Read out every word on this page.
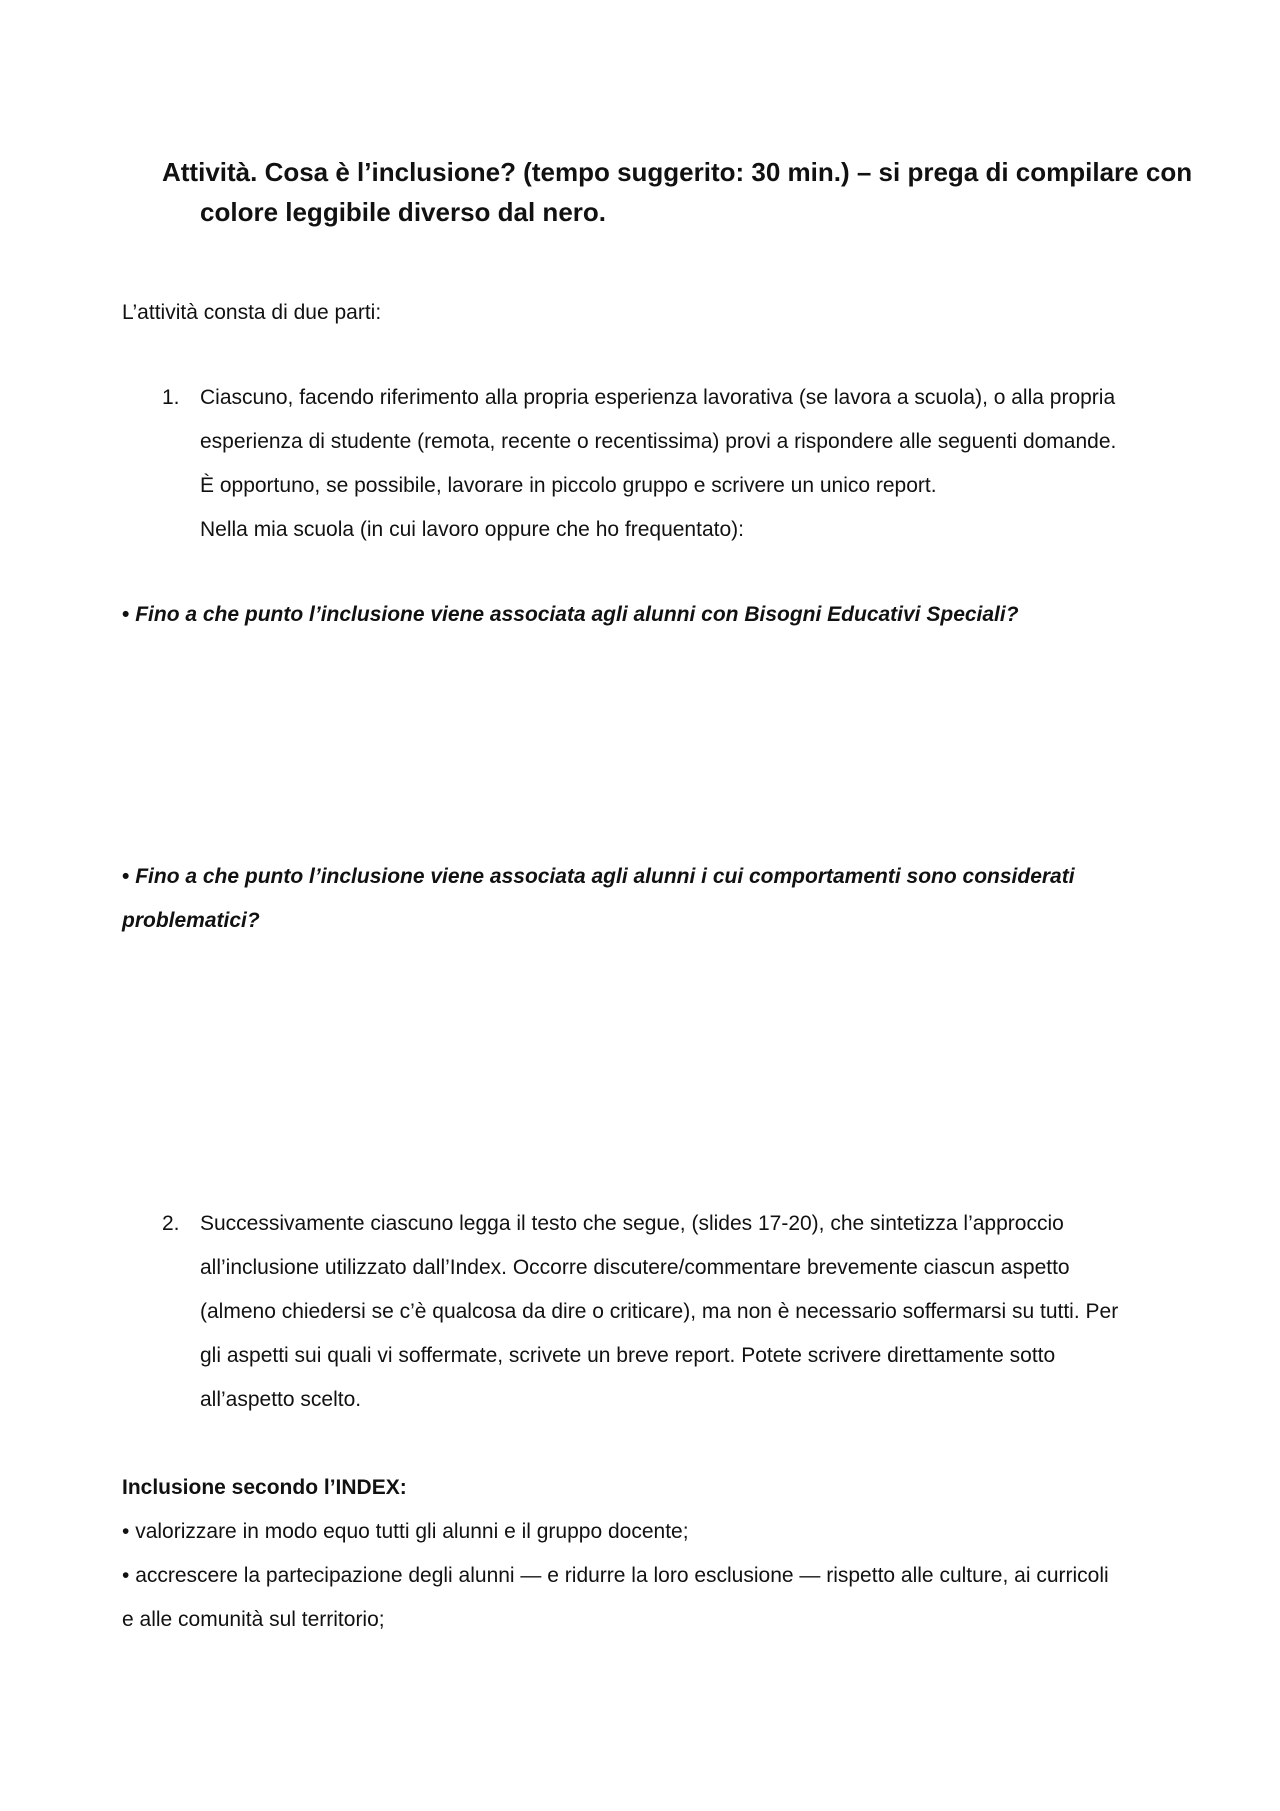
Attività. Cosa è l’inclusione? (tempo suggerito: 30 min.) – si prega di compilare con colore leggibile diverso dal nero.

L’attività consta di due parti:

1. Ciascuno, facendo riferimento alla propria esperienza lavorativa (se lavora a scuola), o alla propria
esperienza di studente (remota, recente o recentissima) provi a rispondere alle seguenti domande.
È opportuno, se possibile, lavorare in piccolo gruppo e scrivere un unico report.
Nella mia scuola (in cui lavoro oppure che ho frequentato):

• Fino a che punto l’inclusione viene associata agli alunni con Bisogni Educativi Speciali?

• Fino a che punto l’inclusione viene associata agli alunni i cui comportamenti sono considerati
problematici?

2. Successivamente ciascuno legga il testo che segue, (slides 17-20), che sintetizza l’approccio
all’inclusione utilizzato dall’Index. Occorre discutere/commentare brevemente ciascun aspetto
(almeno chiedersi se c’è qualcosa da dire o criticare), ma non è necessario soffermarsi su tutti. Per
gli aspetti sui quali vi soffermate, scrivete un breve report. Potete scrivere direttamente sotto
all’aspetto scelto.

Inclusione secondo l’INDEX:

• valorizzare in modo equo tutti gli alunni e il gruppo docente;
• accrescere la partecipazione degli alunni — e ridurre la loro esclusione — rispetto alle culture, ai curricoli
e alle comunità sul territorio;
